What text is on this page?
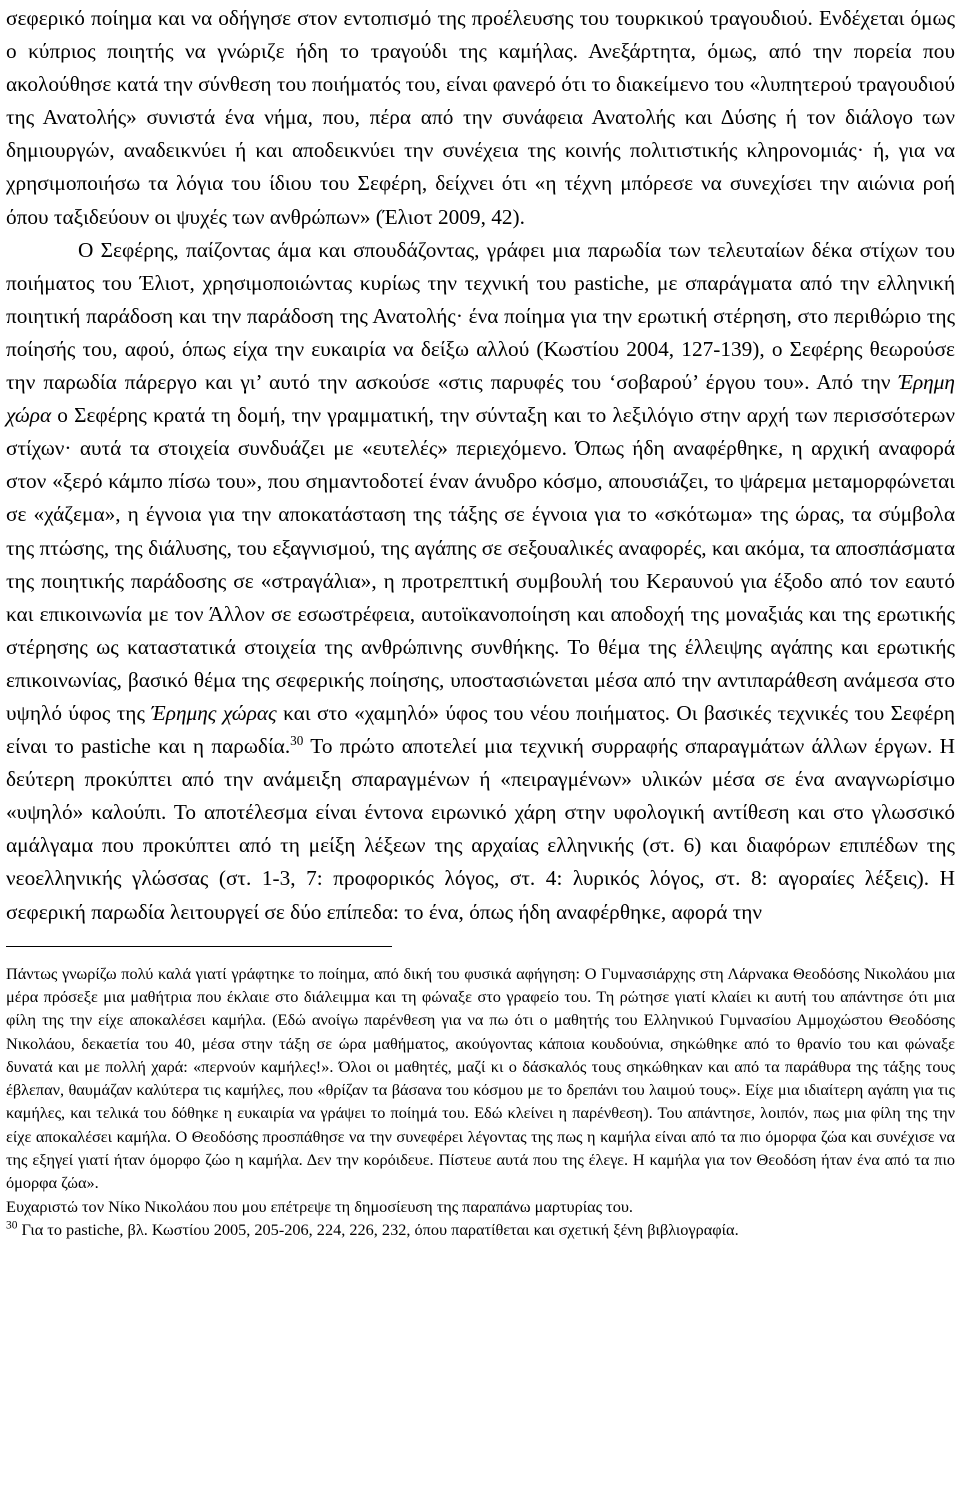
σεφερικό ποίημα και να οδήγησε στον εντοπισμό της προέλευσης του τουρκικού τραγουδιού. Ενδέχεται όμως ο κύπριος ποιητής να γνώριζε ήδη το τραγούδι της καμήλας. Ανεξάρτητα, όμως, από την πορεία που ακολούθησε κατά την σύνθεση του ποιήματός του, είναι φανερό ότι το διακείμενο του «λυπητερού τραγουδιού της Ανατολής» συνιστά ένα νήμα, που, πέρα από την συνάφεια Ανατολής και Δύσης ή τον διάλογο των δημιουργών, αναδεικνύει ή και αποδεικνύει την συνέχεια της κοινής πολιτιστικής κληρονομιάς· ή, για να χρησιμοποιήσω τα λόγια του ίδιου του Σεφέρη, δείχνει ότι «η τέχνη μπόρεσε να συνεχίσει την αιώνια ροή όπου ταξιδεύουν οι ψυχές των ανθρώπων» (Έλιοτ 2009, 42).

Ο Σεφέρης, παίζοντας άμα και σπουδάζοντας, γράφει μια παρωδία των τελευταίων δέκα στίχων του ποιήματος του Έλιοτ, χρησιμοποιώντας κυρίως την τεχνική του pastiche, με σπαράγματα από την ελληνική ποιητική παράδοση και την παράδοση της Ανατολής· ένα ποίημα για την ερωτική στέρηση, στο περιθώριο της ποίησής του, αφού, όπως είχα την ευκαιρία να δείξω αλλού (Κωστίου 2004, 127-139), ο Σεφέρης θεωρούσε την παρωδία πάρεργο και γι’ αυτό την ασκούσε «στις παρυφές του ‘σοβαρού’ έργου του». Από την Έρημη χώρα ο Σεφέρης κρατά τη δομή, την γραμματική, την σύνταξη και το λεξιλόγιο στην αρχή των περισσότερων στίχων· αυτά τα στοιχεία συνδυάζει με «ευτελές» περιεχόμενο. Όπως ήδη αναφέρθηκε, η αρχική αναφορά στον «ξερό κάμπο πίσω του», που σημαντοδοτεί έναν άνυδρο κόσμο, απουσιάζει, το ψάρεμα μεταμορφώνεται σε «χάζεμα», η έγνοια για την αποκατάσταση της τάξης σε έγνοια για το «σκότωμα» της ώρας, τα σύμβολα της πτώσης, της διάλυσης, του εξαγνισμού, της αγάπης σε σεξουαλικές αναφορές, και ακόμα, τα αποσπάσματα της ποιητικής παράδοσης σε «στραγάλια», η προτρεπτική συμβουλή του Κεραυνού για έξοδο από τον εαυτό και επικοινωνία με τον Άλλον σε εσωστρέφεια, αυτοϊκανοποίηση και αποδοχή της μοναξιάς και της ερωτικής στέρησης ως καταστατικά στοιχεία της ανθρώπινης συνθήκης. Το θέμα της έλλειψης αγάπης και ερωτικής επικοινωνίας, βασικό θέμα της σεφερικής ποίησης, υποστασιώνεται μέσα από την αντιπαράθεση ανάμεσα στο υψηλό ύφος της Έρημης χώρας και στο «χαμηλό» ύφος του νέου ποιήματος. Οι βασικές τεχνικές του Σεφέρη είναι το pastiche και η παρωδία.$^{30}$ Το πρώτο αποτελεί μια τεχνική συρραφής σπαραγμάτων άλλων έργων. Η δεύτερη προκύπτει από την ανάμειξη σπαραγμένων ή «πειραγμένων» υλικών μέσα σε ένα αναγνωρίσιμο «υψηλό» καλούπι. Το αποτέλεσμα είναι έντονα ειρωνικό χάρη στην υφολογική αντίθεση και στο γλωσσικό αμάλγαμα που προκύπτει από τη μείξη λέξεων της αρχαίας ελληνικής (στ. 6) και διαφόρων επιπέδων της νεοελληνικής γλώσσας (στ. 1-3, 7: προφορικός λόγος, στ. 4: λυρικός λόγος, στ. 8: αγοραίες λέξεις). Η σεφερική παρωδία λειτουργεί σε δύο επίπεδα: το ένα, όπως ήδη αναφέρθηκε, αφορά την

Πάντως γνωρίζω πολύ καλά γιατί γράφτηκε το ποίημα, από δική του φυσικά αφήγηση: Ο Γυμνασιάρχης στη Λάρνακα Θεοδόσης Νικολάου μια μέρα πρόσεξε μια μαθήτρια που έκλαιε στο διάλειμμα και τη φώναξε στο γραφείο του. Τη ρώτησε γιατί κλαίει κι αυτή του απάντησε ότι μια φίλη της την είχε αποκαλέσει καμήλα. (Εδώ ανοίγω παρένθεση για να πω ότι ο μαθητής του Ελληνικού Γυμνασίου Αμμοχώστου Θεοδόσης Νικολάου, δεκαετία του 40, μέσα στην τάξη σε ώρα μαθήματος, ακούγοντας κάποια κουδούνια, σηκώθηκε από το θρανίο του και φώναξε δυνατά και με πολλή χαρά: «περνούν καμήλες!». Όλοι οι μαθητές, μαζί κι ο δάσκαλός τους σηκώθηκαν και από τα παράθυρα της τάξης τους έβλεπαν, θαυμάζαν καλύτερα τις καμήλες, που «θρίζαν τα βάσανα του κόσμου με το δρεπάνι του λαιμού τους». Είχε μια ιδιαίτερη αγάπη για τις καμήλες, και τελικά του δόθηκε η ευκαιρία να γράψει το ποίημά του. Εδώ κλείνει η παρένθεση). Του απάντησε, λοιπόν, πως μια φίλη της την είχε αποκαλέσει καμήλα. Ο Θεοδόσης προσπάθησε να την συνεφέρει λέγοντας της πως η καμήλα είναι από τα πιο όμορφα ζώα και συνέχισε να της εξηγεί γιατί ήταν όμορφο ζώο η καμήλα. Δεν την κορόιδευε. Πίστευε αυτά που της έλεγε. Η καμήλα για τον Θεοδόση ήταν ένα από τα πιο όμορφα ζώα».

Ευχαριστώ τον Νίκο Νικολάου που μου επέτρεψε τη δημοσίευση της παραπάνω μαρτυρίας του.

$^{30}$ Για το pastiche, βλ. Κωστίου 2005, 205-206, 224, 226, 232, όπου παρατίθεται και σχετική ξένη βιβλιογραφία.
